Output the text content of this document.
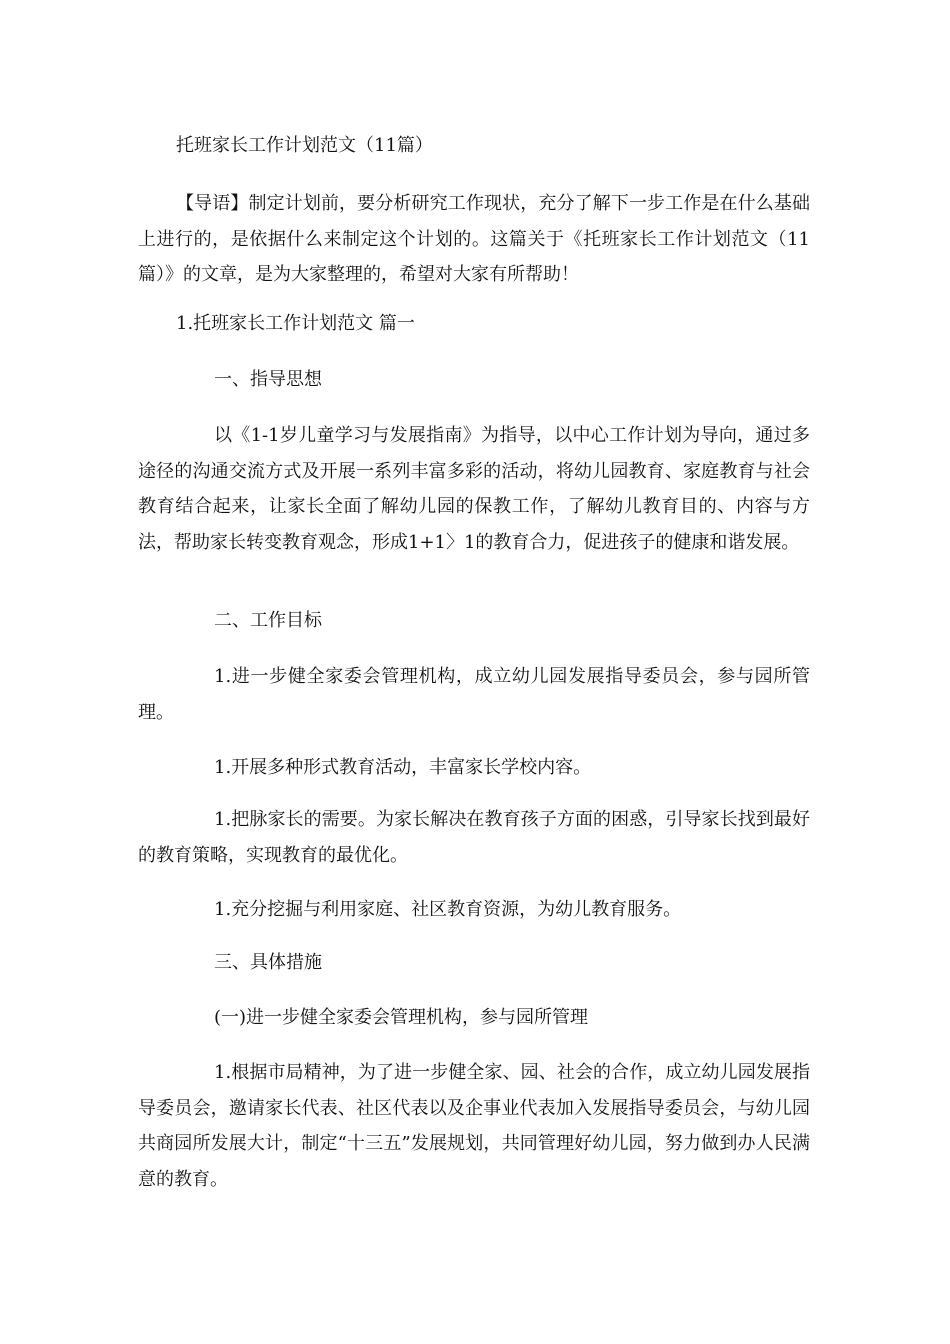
托班家长工作计划范文（11篇）

【导语】制定计划前，要分析研究工作现状，充分了解下一步工作是在什么基础上进行的，是依据什么来制定这个计划的。这篇关于《托班家长工作计划范文（11篇）》的文章，是为大家整理的，希望对大家有所帮助！

1.托班家长工作计划范文 篇一

一、指导思想

以《1-1岁儿童学习与发展指南》为指导，以中心工作计划为导向，通过多途径的沟通交流方式及开展一系列丰富多彩的活动，将幼儿园教育、家庭教育与社会教育结合起来，让家长全面了解幼儿园的保教工作，了解幼儿教育目的、内容与方法，帮助家长转变教育观念，形成1+1〉1的教育合力，促进孩子的健康和谐发展。

二、工作目标

1.进一步健全家委会管理机构，成立幼儿园发展指导委员会，参与园所管理。

1.开展多种形式教育活动，丰富家长学校内容。

1.把脉家长的需要。为家长解决在教育孩子方面的困惑，引导家长找到最好的教育策略，实现教育的最优化。

1.充分挖掘与利用家庭、社区教育资源，为幼儿教育服务。

三、具体措施

(一)进一步健全家委会管理机构，参与园所管理

1.根据市局精神，为了进一步健全家、园、社会的合作，成立幼儿园发展指导委员会，邀请家长代表、社区代表以及企事业代表加入发展指导委员会，与幼儿园共商园所发展大计，制定“十三五”发展规划，共同管理好幼儿园，努力做到办人民满意的教育。
